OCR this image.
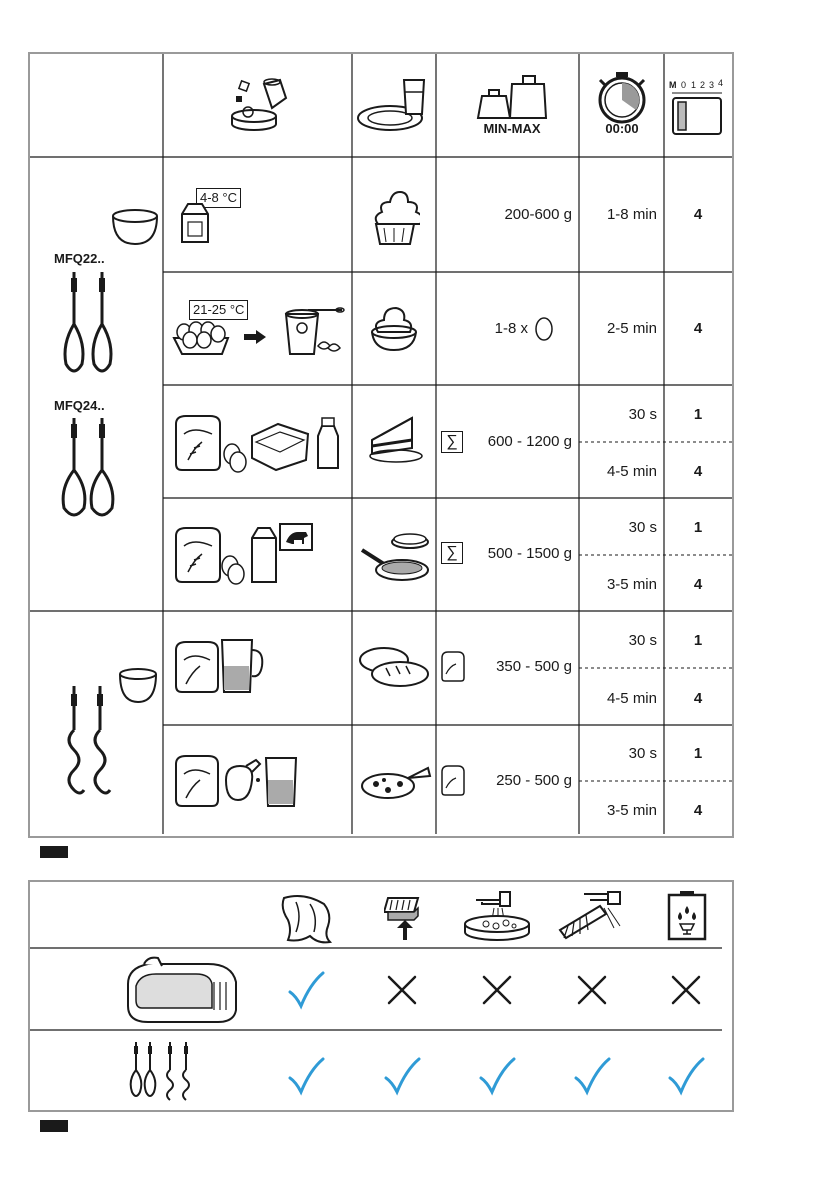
MIN-MAX	00:00
M 0 1 2 3 4
MFQ22..
MFQ24..
4-8 °C
200-600 g	1-8 min	4
21-25 °C
1-8 x	2-5 min	4
∑	600 - 1200 g
30 s	1
4-5 min	4
∑	500 - 1500 g
30 s	1
3-5 min	4
350 - 500 g
30 s	1
4-5 min	4
250 - 500 g
30 s	1
3-5 min	4
